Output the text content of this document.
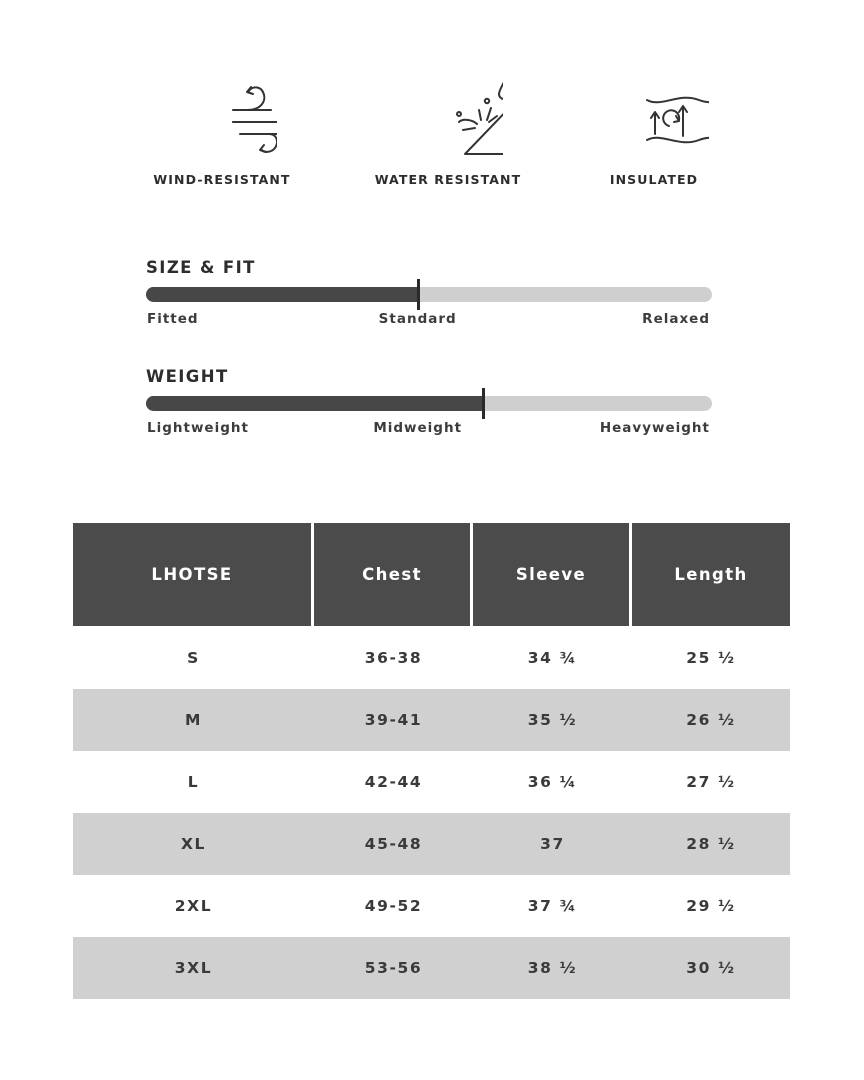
WIND-RESISTANT	WATER RESISTANT	INSULATED
SIZE & FIT
Fitted	Standard	Relaxed
WEIGHT
Lightweight	Midweight	Heavyweight
LHOTSE	Chest	Sleeve	Length
S	36-38	34 ¾	25 ½
M	39-41	35 ½	26 ½
L	42-44	36 ¼	27 ½
XL	45-48	37	28 ½
2XL	49-52	37 ¾	29 ½
3XL	53-56	38 ½	30 ½
